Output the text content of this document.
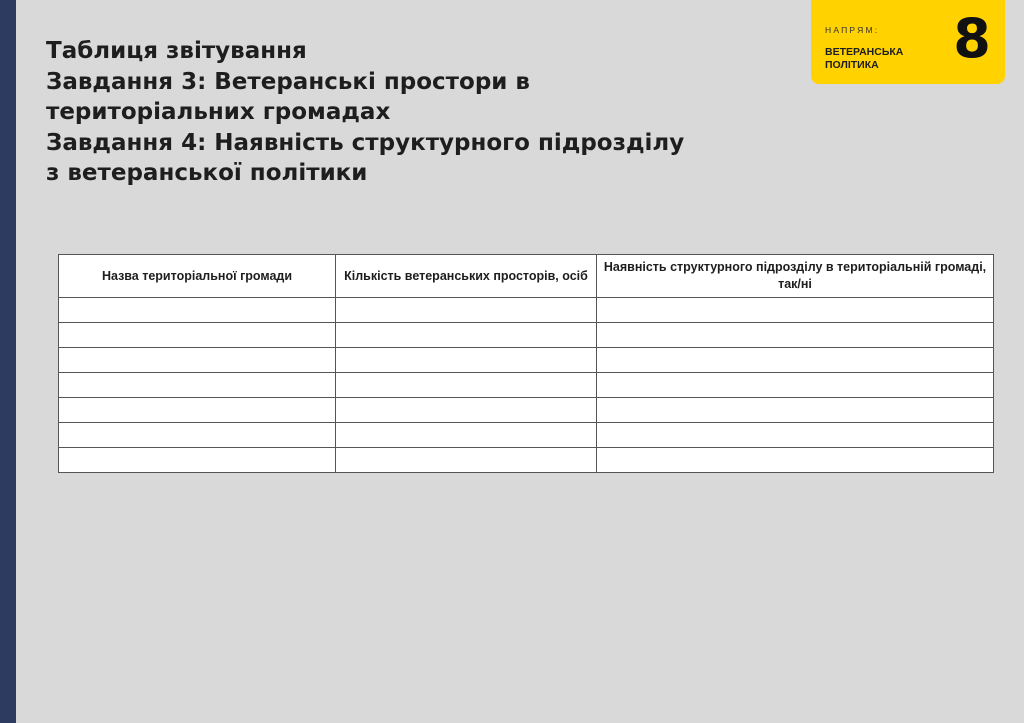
Таблиця звітування
Завдання 3: Ветеранські простори в
територіальних громадах
Завдання 4: Наявність структурного підрозділу
з ветеранської політики
НАПРЯМ:
ВЕТЕРАНСЬКА
ПОЛІТИКА	8
Назва територіальної громади	Кількість ветеранських просторів, осіб	Наявність структурного підрозділу в територіальній громаді, так/ні
